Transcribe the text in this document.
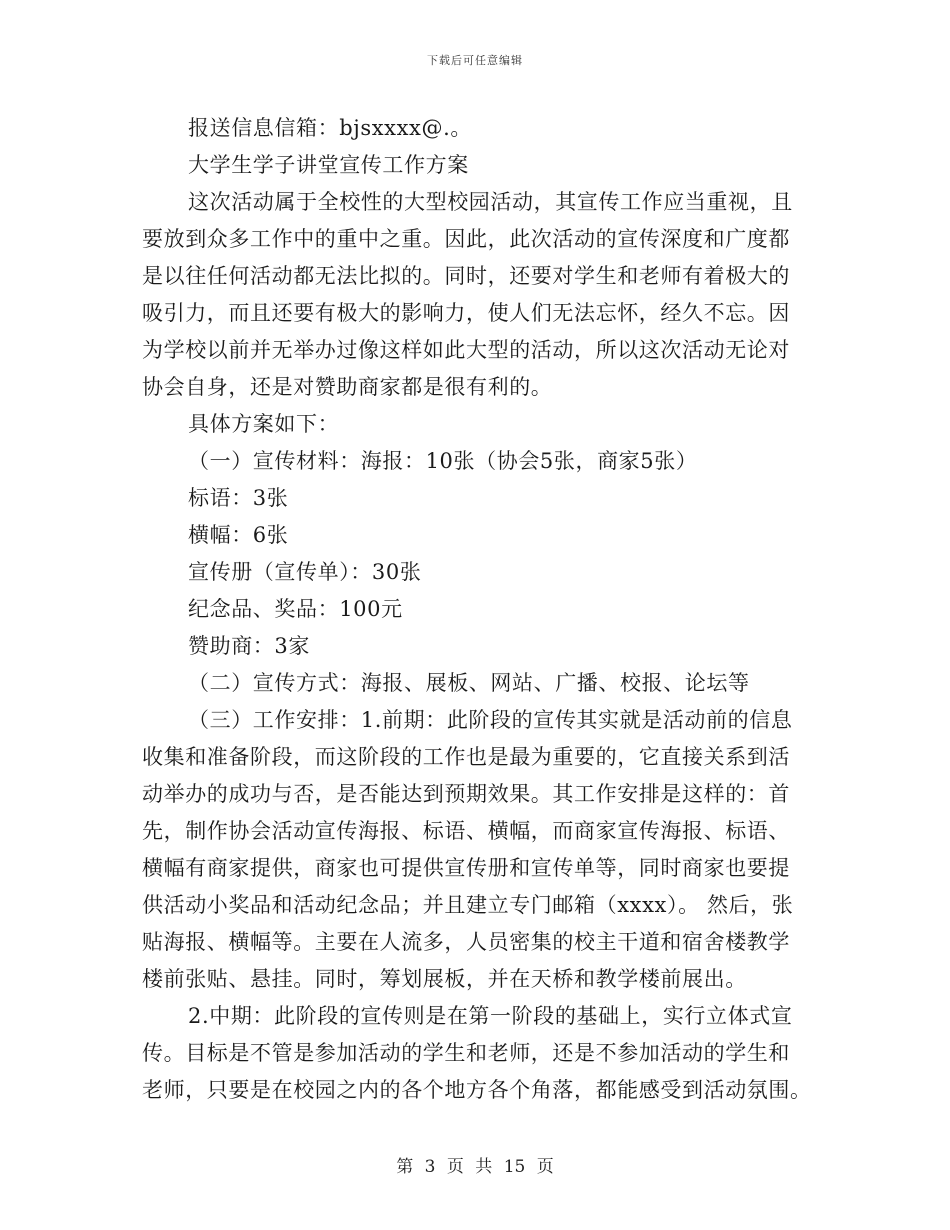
下载后可任意编辑
报送信息信箱：bjsxxxx@.。
大学生学子讲堂宣传工作方案
这次活动属于全校性的大型校园活动，其宣传工作应当重视，且
要放到众多工作中的重中之重。因此，此次活动的宣传深度和广度都
是以往任何活动都无法比拟的。同时，还要对学生和老师有着极大的
吸引力，而且还要有极大的影响力，使人们无法忘怀，经久不忘。因
为学校以前并无举办过像这样如此大型的活动，所以这次活动无论对
协会自身，还是对赞助商家都是很有利的。
具体方案如下：
（一）宣传材料：海报：10张（协会5张，商家5张）
标语：3张
横幅：6张
宣传册（宣传单）：30张
纪念品、奖品：100元
赞助商：3家
（二）宣传方式：海报、展板、网站、广播、校报、论坛等
（三）工作安排：1.前期：此阶段的宣传其实就是活动前的信息
收集和准备阶段，而这阶段的工作也是最为重要的，它直接关系到活
动举办的成功与否，是否能达到预期效果。其工作安排是这样的：首
先，制作协会活动宣传海报、标语、横幅，而商家宣传海报、标语、
横幅有商家提供，商家也可提供宣传册和宣传单等，同时商家也要提
供活动小奖品和活动纪念品；并且建立专门邮箱（xxxx）。 然后，张
贴海报、横幅等。主要在人流多，人员密集的校主干道和宿舍楼教学
楼前张贴、悬挂。同时，筹划展板，并在天桥和教学楼前展出。
2.中期：此阶段的宣传则是在第一阶段的基础上，实行立体式宣
传。目标是不管是参加活动的学生和老师，还是不参加活动的学生和
老师，只要是在校园之内的各个地方各个角落，都能感受到活动氛围。
第 3 页 共 15 页
